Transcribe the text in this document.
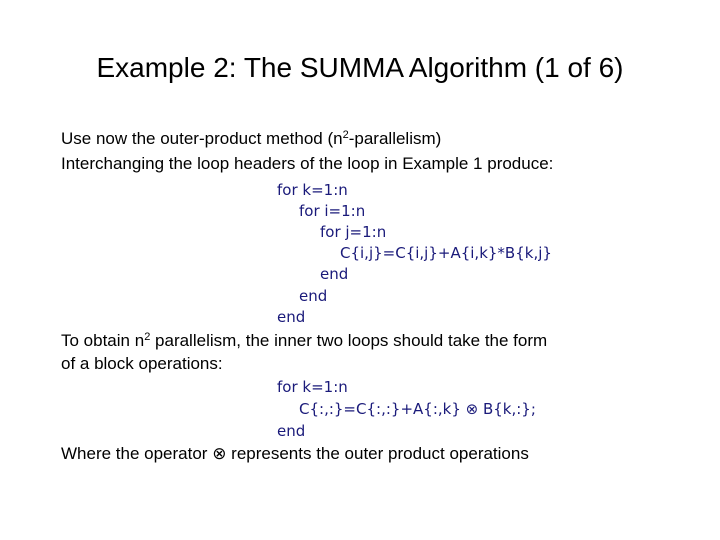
Example 2: The SUMMA Algorithm (1 of 6)
Use now the outer-product method $(n^2-parallelism)$
Interchanging the loop headers of the loop in Example 1 produce:
for k=1:n
for i=1:n
for j=1:n
C{i,j}=C{i,j}+A{i,k}*B{k,j}
end
end
end
To obtain $n^2$ parallelism, the inner two loops should take the form
of a block operations:
for k=1:n
C{:,:}=C{:,:}+A{:,k} ⊗ B{k,:};
end
Where the operator ⊗ represents the outer product operations
